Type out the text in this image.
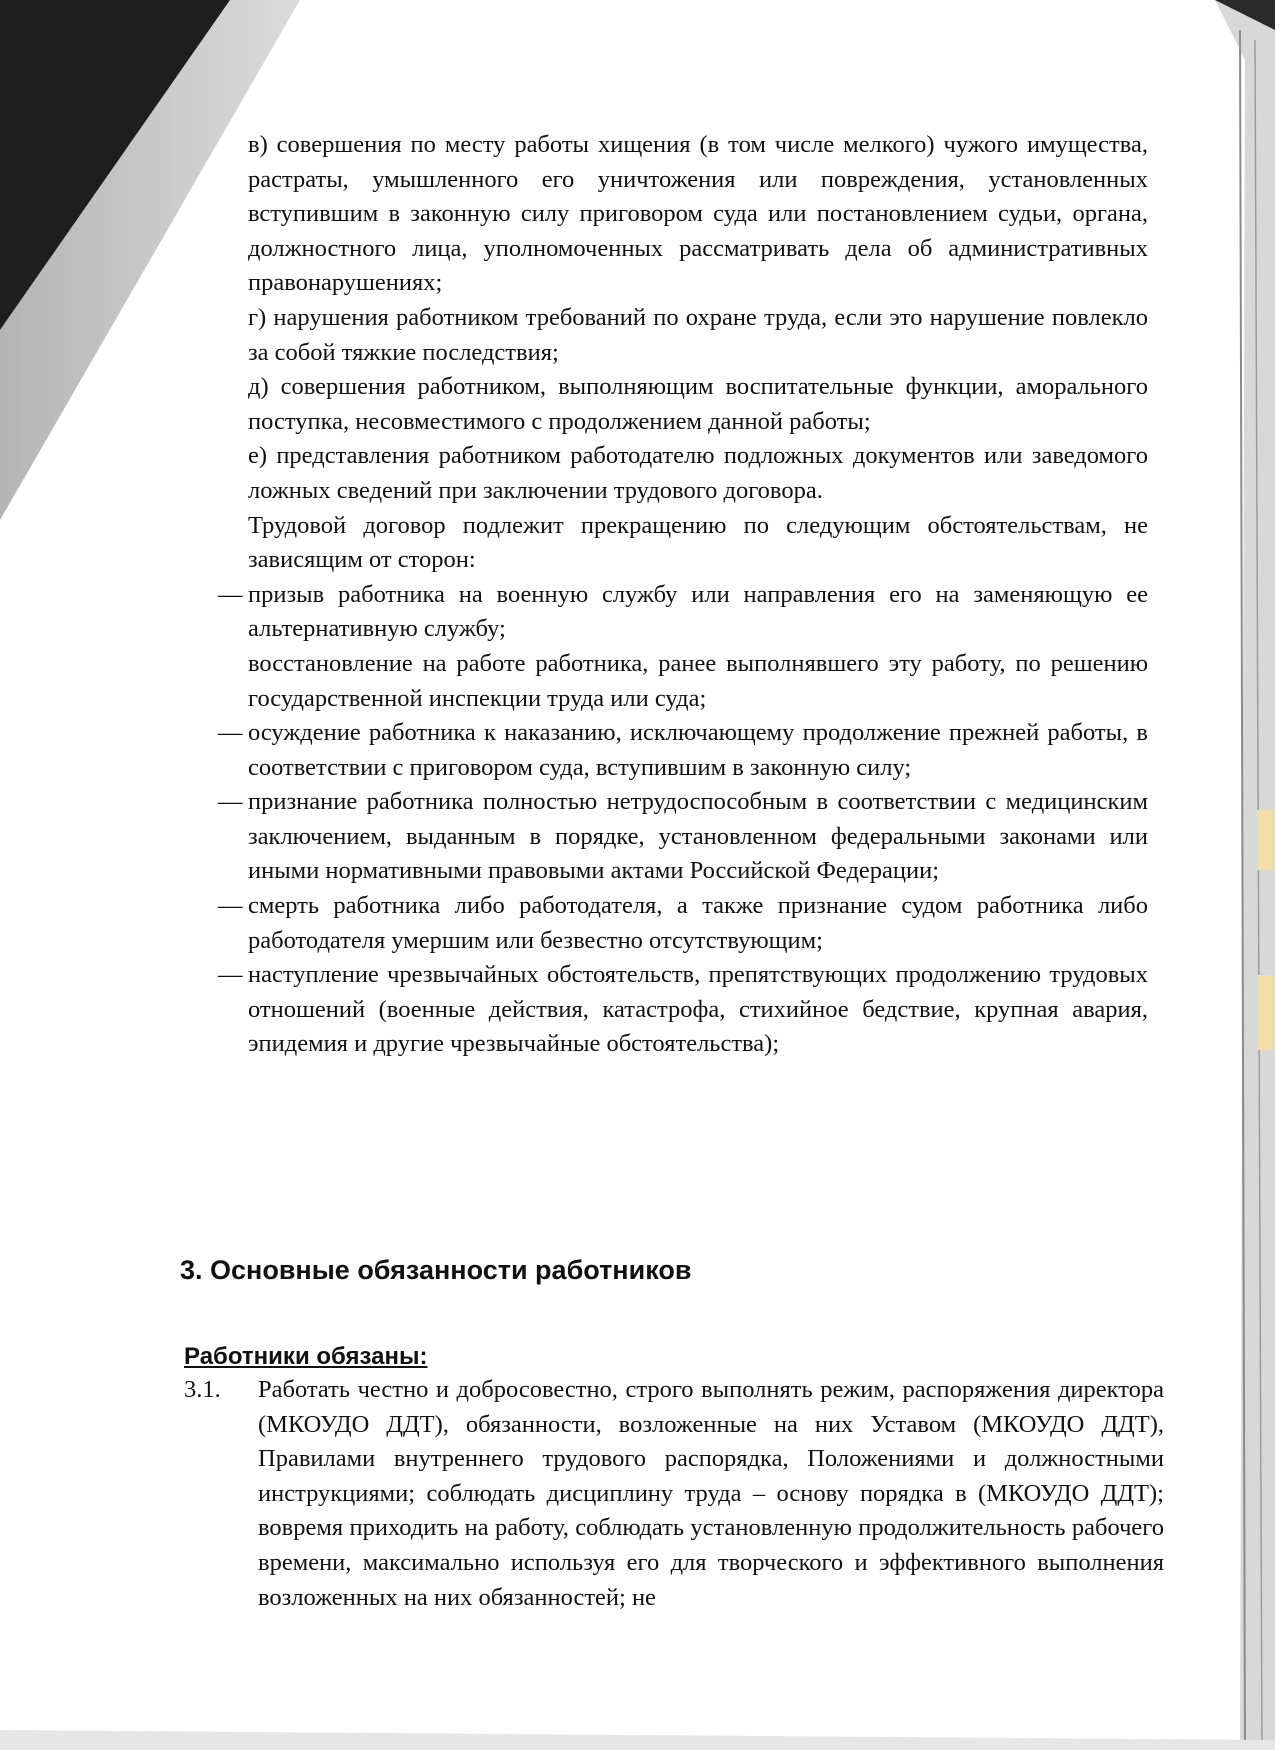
в) совершения по месту работы хищения (в том числе мелкого) чужого имущества, растраты, умышленного его уничтожения или повреждения, установленных вступившим в законную силу приговором суда или постановлением судьи, органа, должностного лица, уполномоченных рассматривать дела об административных правонарушениях;

г) нарушения работником требований по охране труда, если это нарушение повлекло за собой тяжкие последствия;

д) совершения работником, выполняющим воспитательные функции, аморального поступка, несовместимого с продолжением данной работы;

е) представления работником работодателю подложных документов или заведомого ложных сведений при заключении трудового договора.

Трудовой договор подлежит прекращению по следующим обстоятельствам, не зависящим от сторон:

— призыв работника на военную службу или направления его на заменяющую ее альтернативную службу;
восстановление на работе работника, ранее выполнявшего эту работу, по решению государственной инспекции труда или суда;
— осуждение работника к наказанию, исключающему продолжение прежней работы, в соответствии с приговором суда, вступившим в законную силу;
— признание работника полностью нетрудоспособным в соответствии с медицинским заключением, выданным в порядке, установленном федеральными законами или иными нормативными правовыми актами Российской Федерации;
— смерть работника либо работодателя, а также признание судом работника либо работодателя умершим или безвестно отсутствующим;
— наступление чрезвычайных обстоятельств, препятствующих продолжению трудовых отношений (военные действия, катастрофа, стихийное бедствие, крупная авария, эпидемия и другие чрезвычайные обстоятельства);
3. Основные обязанности работников
Работники обязаны:
3.1. Работать честно и добросовестно, строго выполнять режим, распоряжения директора (МКОУДО ДДТ), обязанности, возложенные на них Уставом (МКОУДО ДДТ), Правилами внутреннего трудового распорядка, Положениями и должностными инструкциями; соблюдать дисциплину труда – основу порядка в (МКОУДО ДДТ); вовремя приходить на работу, соблюдать установленную продолжительность рабочего времени, максимально используя его для творческого и эффективного выполнения возложенных на них обязанностей; не
